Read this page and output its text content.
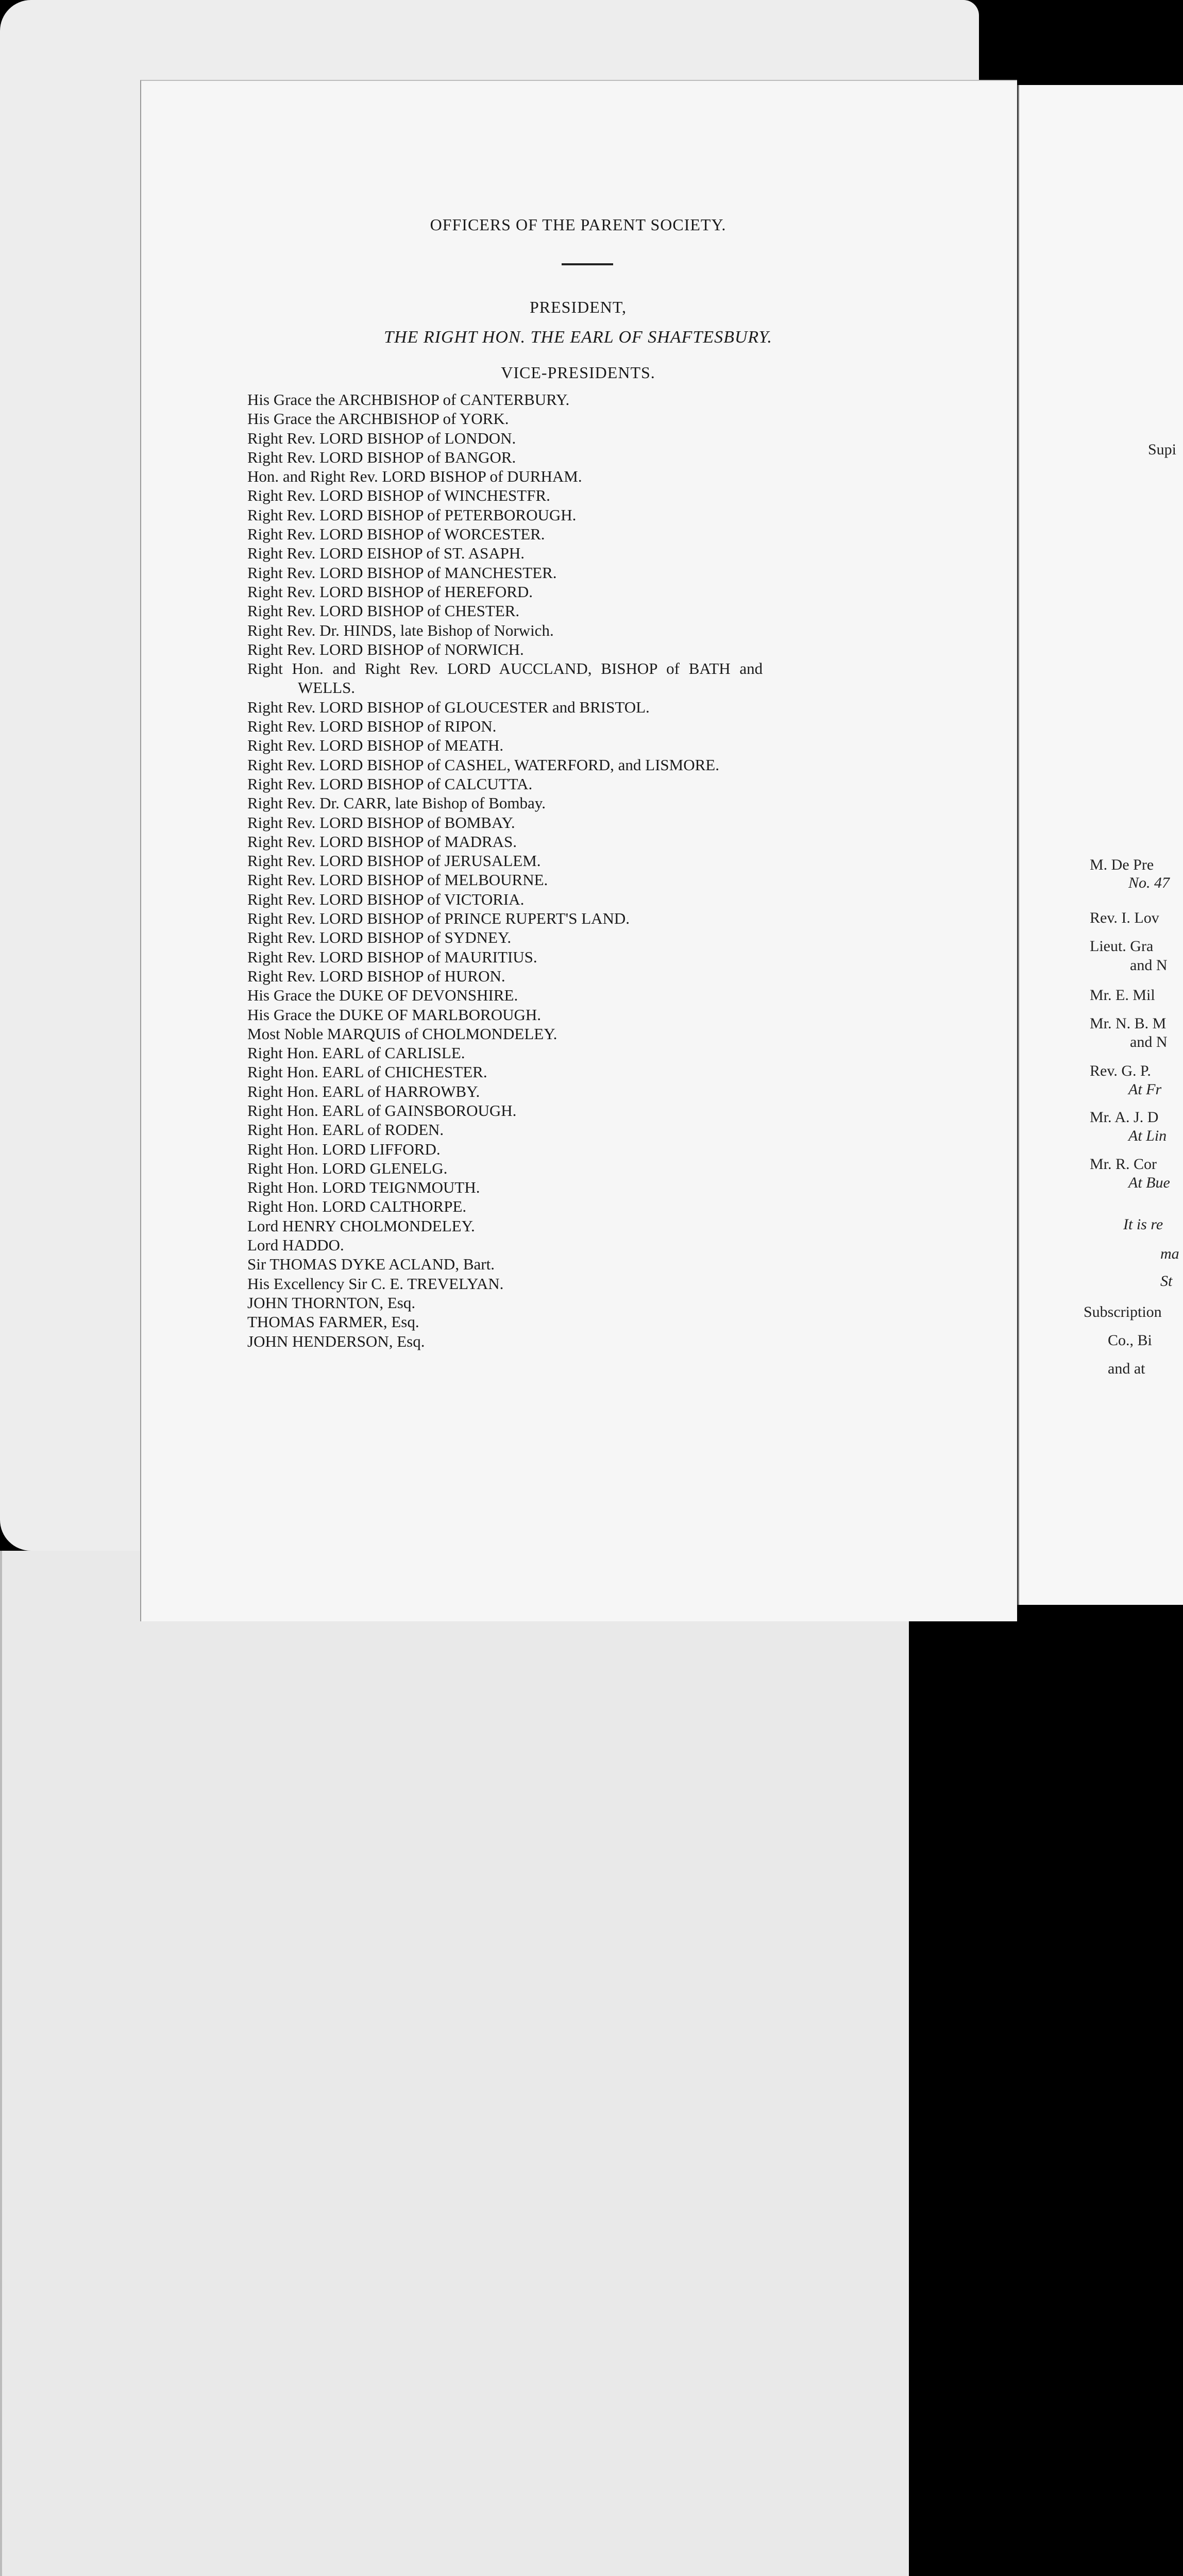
Supi
M. De Pre
No. 47
Rev. I. Lov
Lieut. Gra
and N
Mr. E. Mil
Mr. N. B. M
and N
Rev. G. P.
At Fr
Mr. A. J. D
At Lin
Mr. R. Cor
At Bue
It is re
ma
St
Subscription
Co., Bi
and at
OFFICERS OF THE PARENT SOCIETY.
PRESIDENT,
THE RIGHT HON. THE EARL OF SHAFTESBURY.
VICE-PRESIDENTS.
His Grace the ARCHBISHOP of CANTERBURY.
His Grace the ARCHBISHOP of YORK.
Right Rev. LORD BISHOP of LONDON.
Right Rev. LORD BISHOP of BANGOR.
Hon. and Right Rev. LORD BISHOP of DURHAM.
Right Rev. LORD BISHOP of WINCHESTFR.
Right Rev. LORD BISHOP of PETERBOROUGH.
Right Rev. LORD BISHOP of WORCESTER.
Right Rev. LORD EISHOP of ST. ASAPH.
Right Rev. LORD BISHOP of MANCHESTER.
Right Rev. LORD BISHOP of HEREFORD.
Right Rev. LORD BISHOP of CHESTER.
Right Rev. Dr. HINDS, late Bishop of Norwich.
Right Rev. LORD BISHOP of NORWICH.
Right Hon. and Right Rev. LORD AUCCLAND, BISHOP of BATH and
WELLS.
Right Rev. LORD BISHOP of GLOUCESTER and BRISTOL.
Right Rev. LORD BISHOP of RIPON.
Right Rev. LORD BISHOP of MEATH.
Right Rev. LORD BISHOP of CASHEL, WATERFORD, and LISMORE.
Right Rev. LORD BISHOP of CALCUTTA.
Right Rev. Dr. CARR, late Bishop of Bombay.
Right Rev. LORD BISHOP of BOMBAY.
Right Rev. LORD BISHOP of MADRAS.
Right Rev. LORD BISHOP of JERUSALEM.
Right Rev. LORD BISHOP of MELBOURNE.
Right Rev. LORD BISHOP of VICTORIA.
Right Rev. LORD BISHOP of PRINCE RUPERT'S LAND.
Right Rev. LORD BISHOP of SYDNEY.
Right Rev. LORD BISHOP of MAURITIUS.
Right Rev. LORD BISHOP of HURON.
His Grace the DUKE OF DEVONSHIRE.
His Grace the DUKE OF MARLBOROUGH.
Most Noble MARQUIS of CHOLMONDELEY.
Right Hon. EARL of CARLISLE.
Right Hon. EARL of CHICHESTER.
Right Hon. EARL of HARROWBY.
Right Hon. EARL of GAINSBOROUGH.
Right Hon. EARL of RODEN.
Right Hon. LORD LIFFORD.
Right Hon. LORD GLENELG.
Right Hon. LORD TEIGNMOUTH.
Right Hon. LORD CALTHORPE.
Lord HENRY CHOLMONDELEY.
Lord HADDO.
Sir THOMAS DYKE ACLAND, Bart.
His Excellency Sir C. E. TREVELYAN.
JOHN THORNTON, Esq.
THOMAS FARMER, Esq.
JOHN HENDERSON, Esq.
